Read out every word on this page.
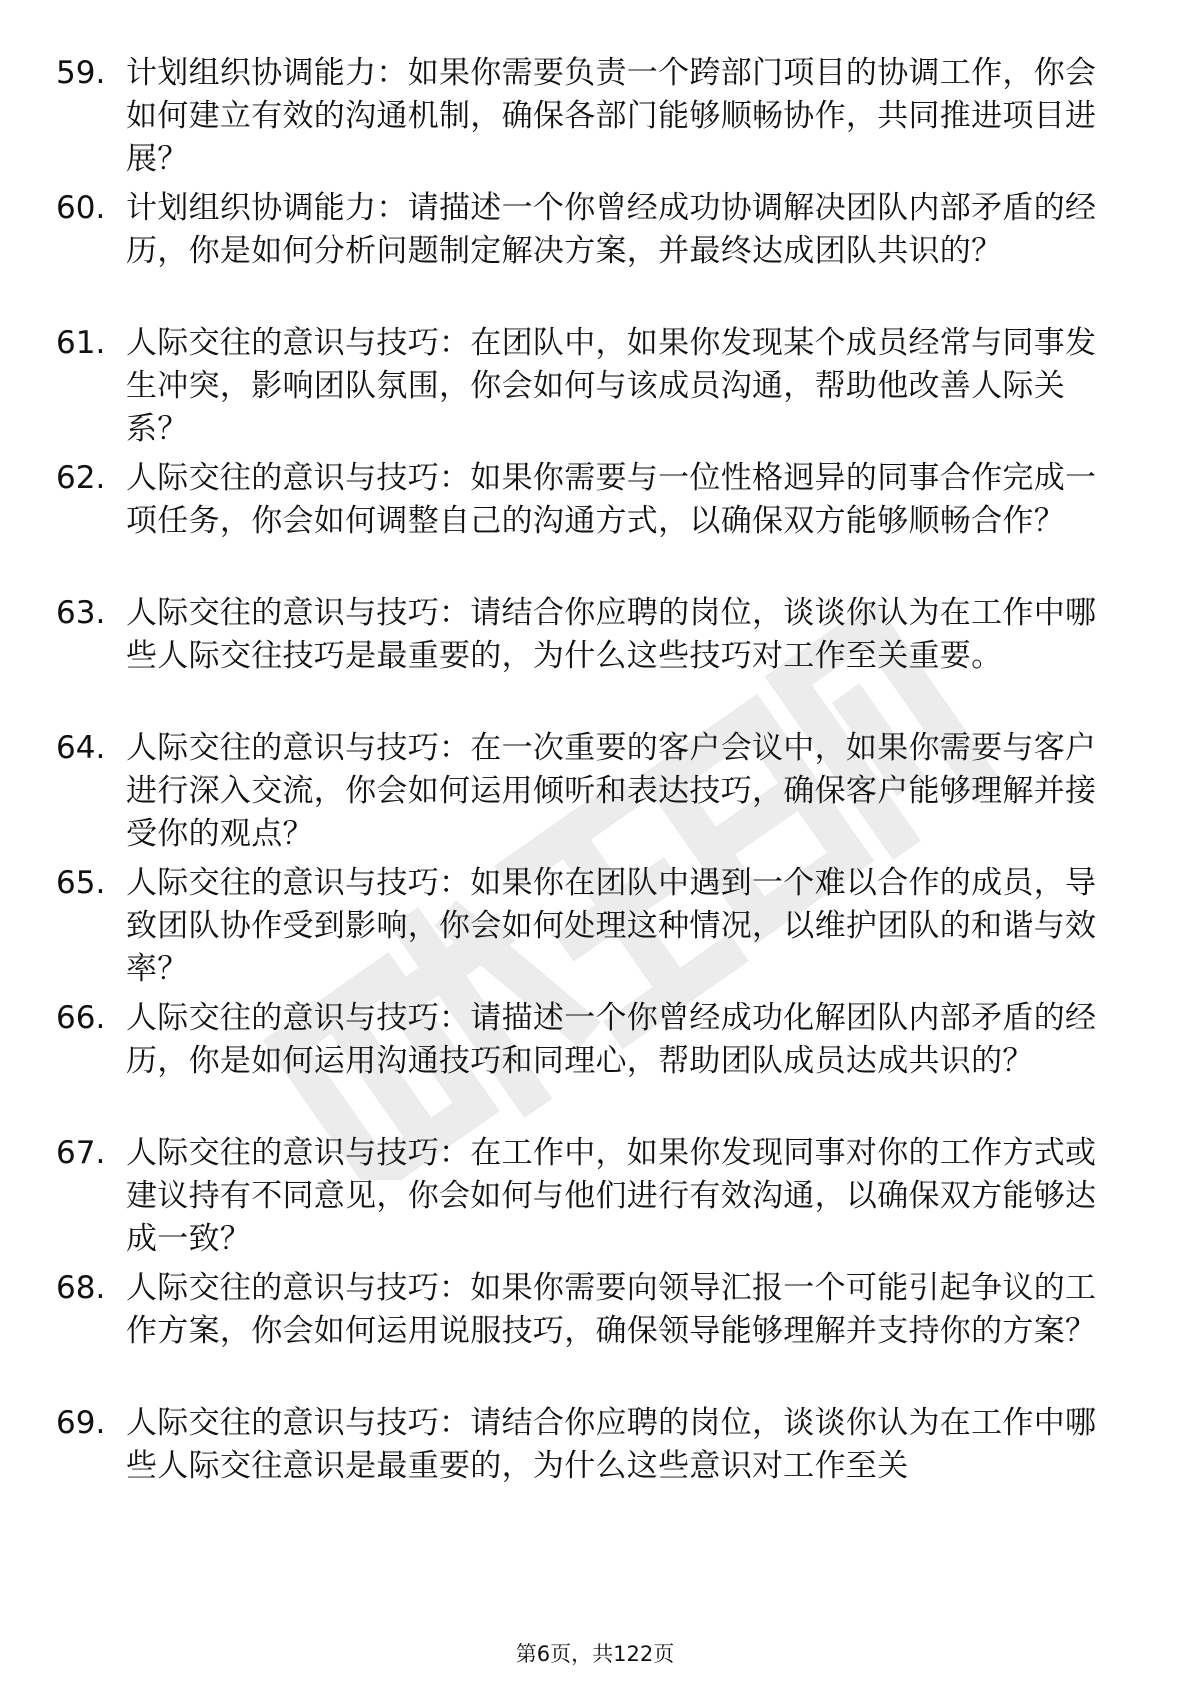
59. 计划组织协调能力：如果你需要负责一个跨部门项目的协调工作，你会如何建立有效的沟通机制，确保各部门能够顺畅协作，共同推进项目进展？
60. 计划组织协调能力：请描述一个你曾经成功协调解决团队内部矛盾的经历，你是如何分析问题制定解决方案，并最终达成团队共识的？
61. 人际交往的意识与技巧：在团队中，如果你发现某个成员经常与同事发生冲突，影响团队氛围，你会如何与该成员沟通，帮助他改善人际关系？
62. 人际交往的意识与技巧：如果你需要与一位性格迥异的同事合作完成一项任务，你会如何调整自己的沟通方式，以确保双方能够顺畅合作？
63. 人际交往的意识与技巧：请结合你应聘的岗位，谈谈你认为在工作中哪些人际交往技巧是最重要的，为什么这些技巧对工作至关重要。
64. 人际交往的意识与技巧：在一次重要的客户会议中，如果你需要与客户进行深入交流，你会如何运用倾听和表达技巧，确保客户能够理解并接受你的观点？
65. 人际交往的意识与技巧：如果你在团队中遇到一个难以合作的成员，导致团队协作受到影响，你会如何处理这种情况，以维护团队的和谐与效率？
66. 人际交往的意识与技巧：请描述一个你曾经成功化解团队内部矛盾的经历，你是如何运用沟通技巧和同理心，帮助团队成员达成共识的？
67. 人际交往的意识与技巧：在工作中，如果你发现同事对你的工作方式或建议持有不同意见，你会如何与他们进行有效沟通，以确保双方能够达成一致？
68. 人际交往的意识与技巧：如果你需要向领导汇报一个可能引起争议的工作方案，你会如何运用说服技巧，确保领导能够理解并支持你的方案？
69. 人际交往的意识与技巧：请结合你应聘的岗位，谈谈你认为在工作中哪些人际交往意识是最重要的，为什么这些意识对工作至关
第6页，共122页
